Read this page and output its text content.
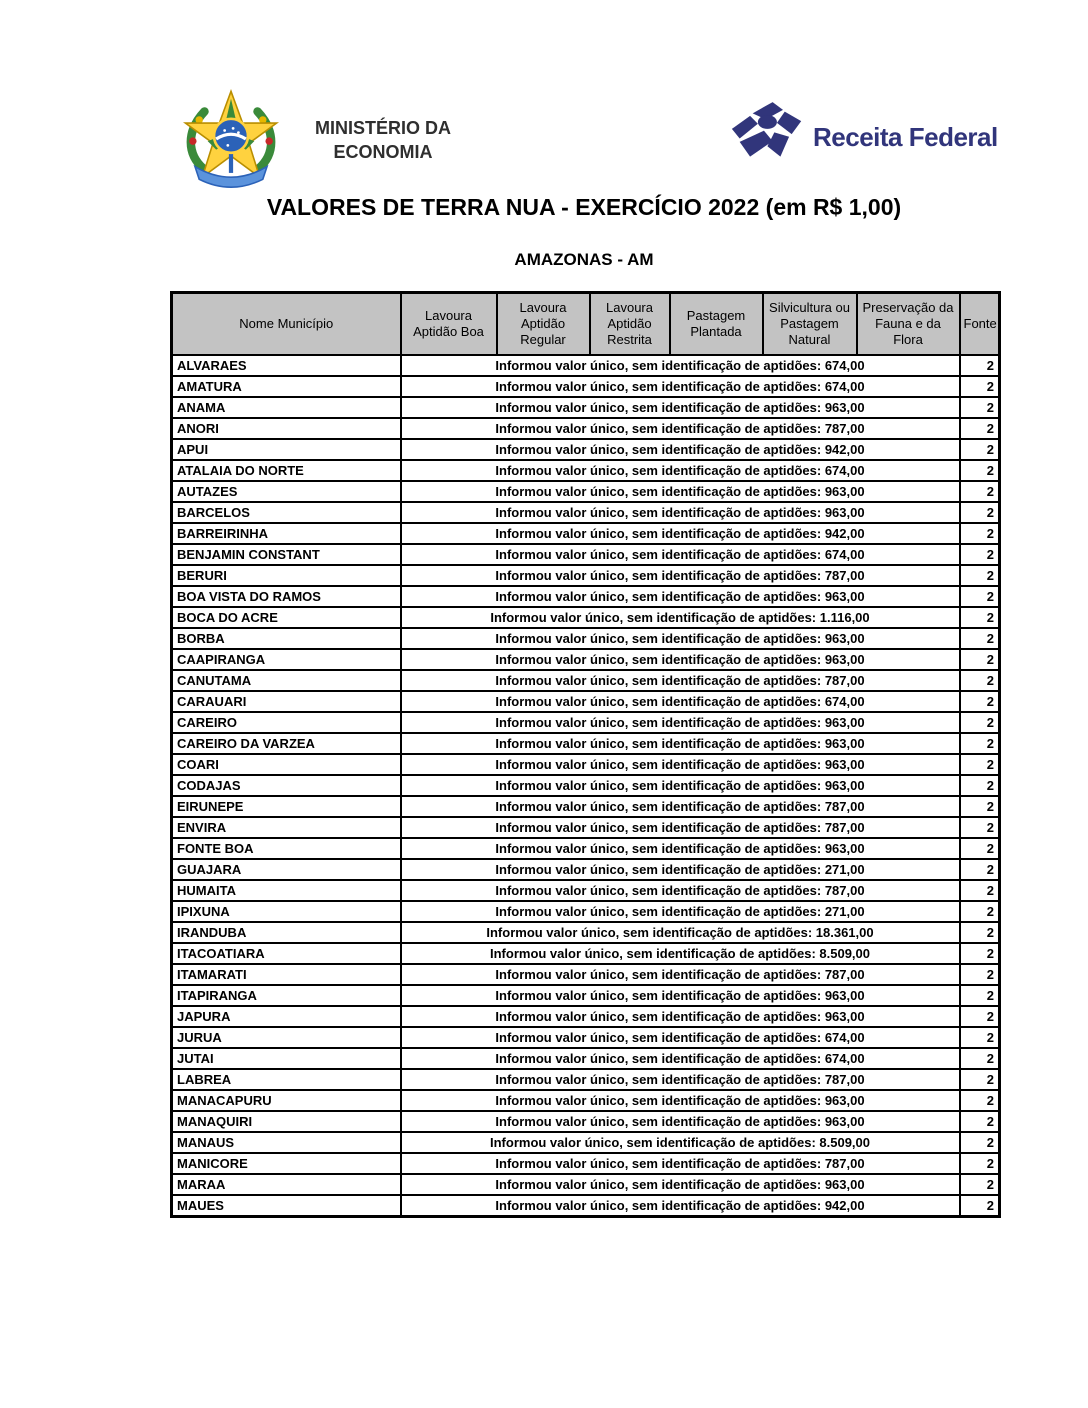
MINISTÉRIO DA
ECONOMIA	Receita Federal
VALORES DE TERRA NUA - EXERCÍCIO 2022 (em R$ 1,00)
AMAZONAS - AM
Nome Município	Lavoura Aptidão Boa	Lavoura Aptidão Regular	Lavoura Aptidão Restrita	Pastagem Plantada	Silvicultura ou Pastagem Natural	Preservação da Fauna e da Flora	Fonte
ALVARAES	Informou valor único, sem identificação de aptidões: 674,00						2
AMATURA	Informou valor único, sem identificação de aptidões: 674,00						2
ANAMA	Informou valor único, sem identificação de aptidões: 963,00						2
ANORI	Informou valor único, sem identificação de aptidões: 787,00						2
APUI	Informou valor único, sem identificação de aptidões: 942,00						2
ATALAIA DO NORTE	Informou valor único, sem identificação de aptidões: 674,00						2
AUTAZES	Informou valor único, sem identificação de aptidões: 963,00						2
BARCELOS	Informou valor único, sem identificação de aptidões: 963,00						2
BARREIRINHA	Informou valor único, sem identificação de aptidões: 942,00						2
BENJAMIN CONSTANT	Informou valor único, sem identificação de aptidões: 674,00						2
BERURI	Informou valor único, sem identificação de aptidões: 787,00						2
BOA VISTA DO RAMOS	Informou valor único, sem identificação de aptidões: 963,00						2
BOCA DO ACRE	Informou valor único, sem identificação de aptidões: 1.116,00						2
BORBA	Informou valor único, sem identificação de aptidões: 963,00						2
CAAPIRANGA	Informou valor único, sem identificação de aptidões: 963,00						2
CANUTAMA	Informou valor único, sem identificação de aptidões: 787,00						2
CARAUARI	Informou valor único, sem identificação de aptidões: 674,00						2
CAREIRO	Informou valor único, sem identificação de aptidões: 963,00						2
CAREIRO DA VARZEA	Informou valor único, sem identificação de aptidões: 963,00						2
COARI	Informou valor único, sem identificação de aptidões: 963,00						2
CODAJAS	Informou valor único, sem identificação de aptidões: 963,00						2
EIRUNEPE	Informou valor único, sem identificação de aptidões: 787,00						2
ENVIRA	Informou valor único, sem identificação de aptidões: 787,00						2
FONTE BOA	Informou valor único, sem identificação de aptidões: 963,00						2
GUAJARA	Informou valor único, sem identificação de aptidões: 271,00						2
HUMAITA	Informou valor único, sem identificação de aptidões: 787,00						2
IPIXUNA	Informou valor único, sem identificação de aptidões: 271,00						2
IRANDUBA	Informou valor único, sem identificação de aptidões: 18.361,00						2
ITACOATIARA	Informou valor único, sem identificação de aptidões: 8.509,00						2
ITAMARATI	Informou valor único, sem identificação de aptidões: 787,00						2
ITAPIRANGA	Informou valor único, sem identificação de aptidões: 963,00						2
JAPURA	Informou valor único, sem identificação de aptidões: 963,00						2
JURUA	Informou valor único, sem identificação de aptidões: 674,00						2
JUTAI	Informou valor único, sem identificação de aptidões: 674,00						2
LABREA	Informou valor único, sem identificação de aptidões: 787,00						2
MANACAPURU	Informou valor único, sem identificação de aptidões: 963,00						2
MANAQUIRI	Informou valor único, sem identificação de aptidões: 963,00						2
MANAUS	Informou valor único, sem identificação de aptidões: 8.509,00						2
MANICORE	Informou valor único, sem identificação de aptidões: 787,00						2
MARAA	Informou valor único, sem identificação de aptidões: 963,00						2
MAUES	Informou valor único, sem identificação de aptidões: 942,00						2
